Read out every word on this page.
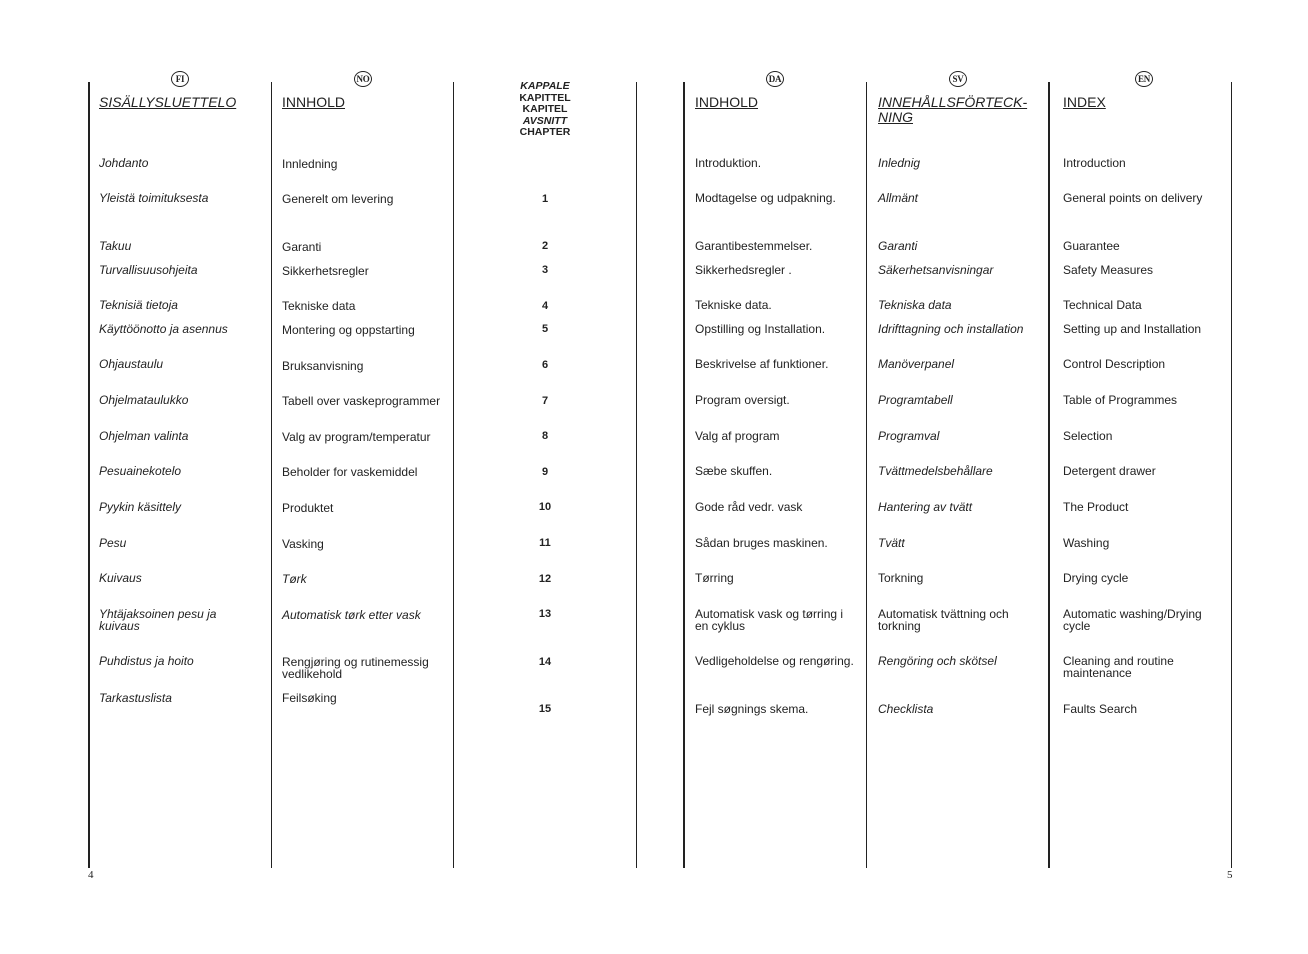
KAPPALE
KAPITTEL
KAPITEL
AVSNITT
CHAPTER
FI
SISÄLLYSLUETTELO
Johdanto
Yleistä toimituksesta
Takuu
Turvallisuusohjeita
Teknisiä tietoja
Käyttöönotto ja asennus
Ohjaustaulu
Ohjelmataulukko
Ohjelman valinta
Pesuainekotelo
Pyykin käsittely
Pesu
Kuivaus
Yhtäjaksoinen pesu ja kuivaus
Puhdistus ja hoito
Tarkastuslista
NO
INNHOLD
Innledning
Generelt om levering
Garanti
Sikkerhetsregler
Tekniske data
Montering og oppstarting
Bruksanvisning
Tabell over vaskeprogrammer
Valg av program/temperatur
Beholder for vaskemiddel
Produktet
Vasking
Tørk
Automatisk tørk etter vask
Rengjøring og rutinemessig vedlikehold
Feilsøking
DA
INDHOLD
Introduktion.
Modtagelse og udpakning.
Garantibestemmelser.
Sikkerhedsregler .
Tekniske data.
Opstilling og Installation.
Beskrivelse af funktioner.
Program oversigt.
Valg af program
Sæbe skuffen.
Gode råd vedr. vask
Sådan bruges maskinen.
Tørring
Automatisk vask og tørring i en cyklus
Vedligeholdelse og rengøring.
Fejl søgnings skema.
SV
INNEHÅLLSFÖRTECK-NING
Inlednig
Allmänt
Garanti
Säkerhetsanvisningar
Tekniska data
Idrifttagning och installation
Manöverpanel
Programtabell
Programval
Tvättmedelsbehållare
Hantering av tvätt
Tvätt
Torkning
Automatisk tvättning och torkning
Rengöring och skötsel
Checklista
EN
INDEX
Introduction
General points on delivery
Guarantee
Safety Measures
Technical Data
Setting up and Installation
Control Description
Table of Programmes
Selection
Detergent drawer
The Product
Washing
Drying cycle
Automatic washing/Drying cycle
Cleaning and routine maintenance
Faults Search
1
2
3
4
5
6
7
8
9
10
11
12
13
14
15
4	5
